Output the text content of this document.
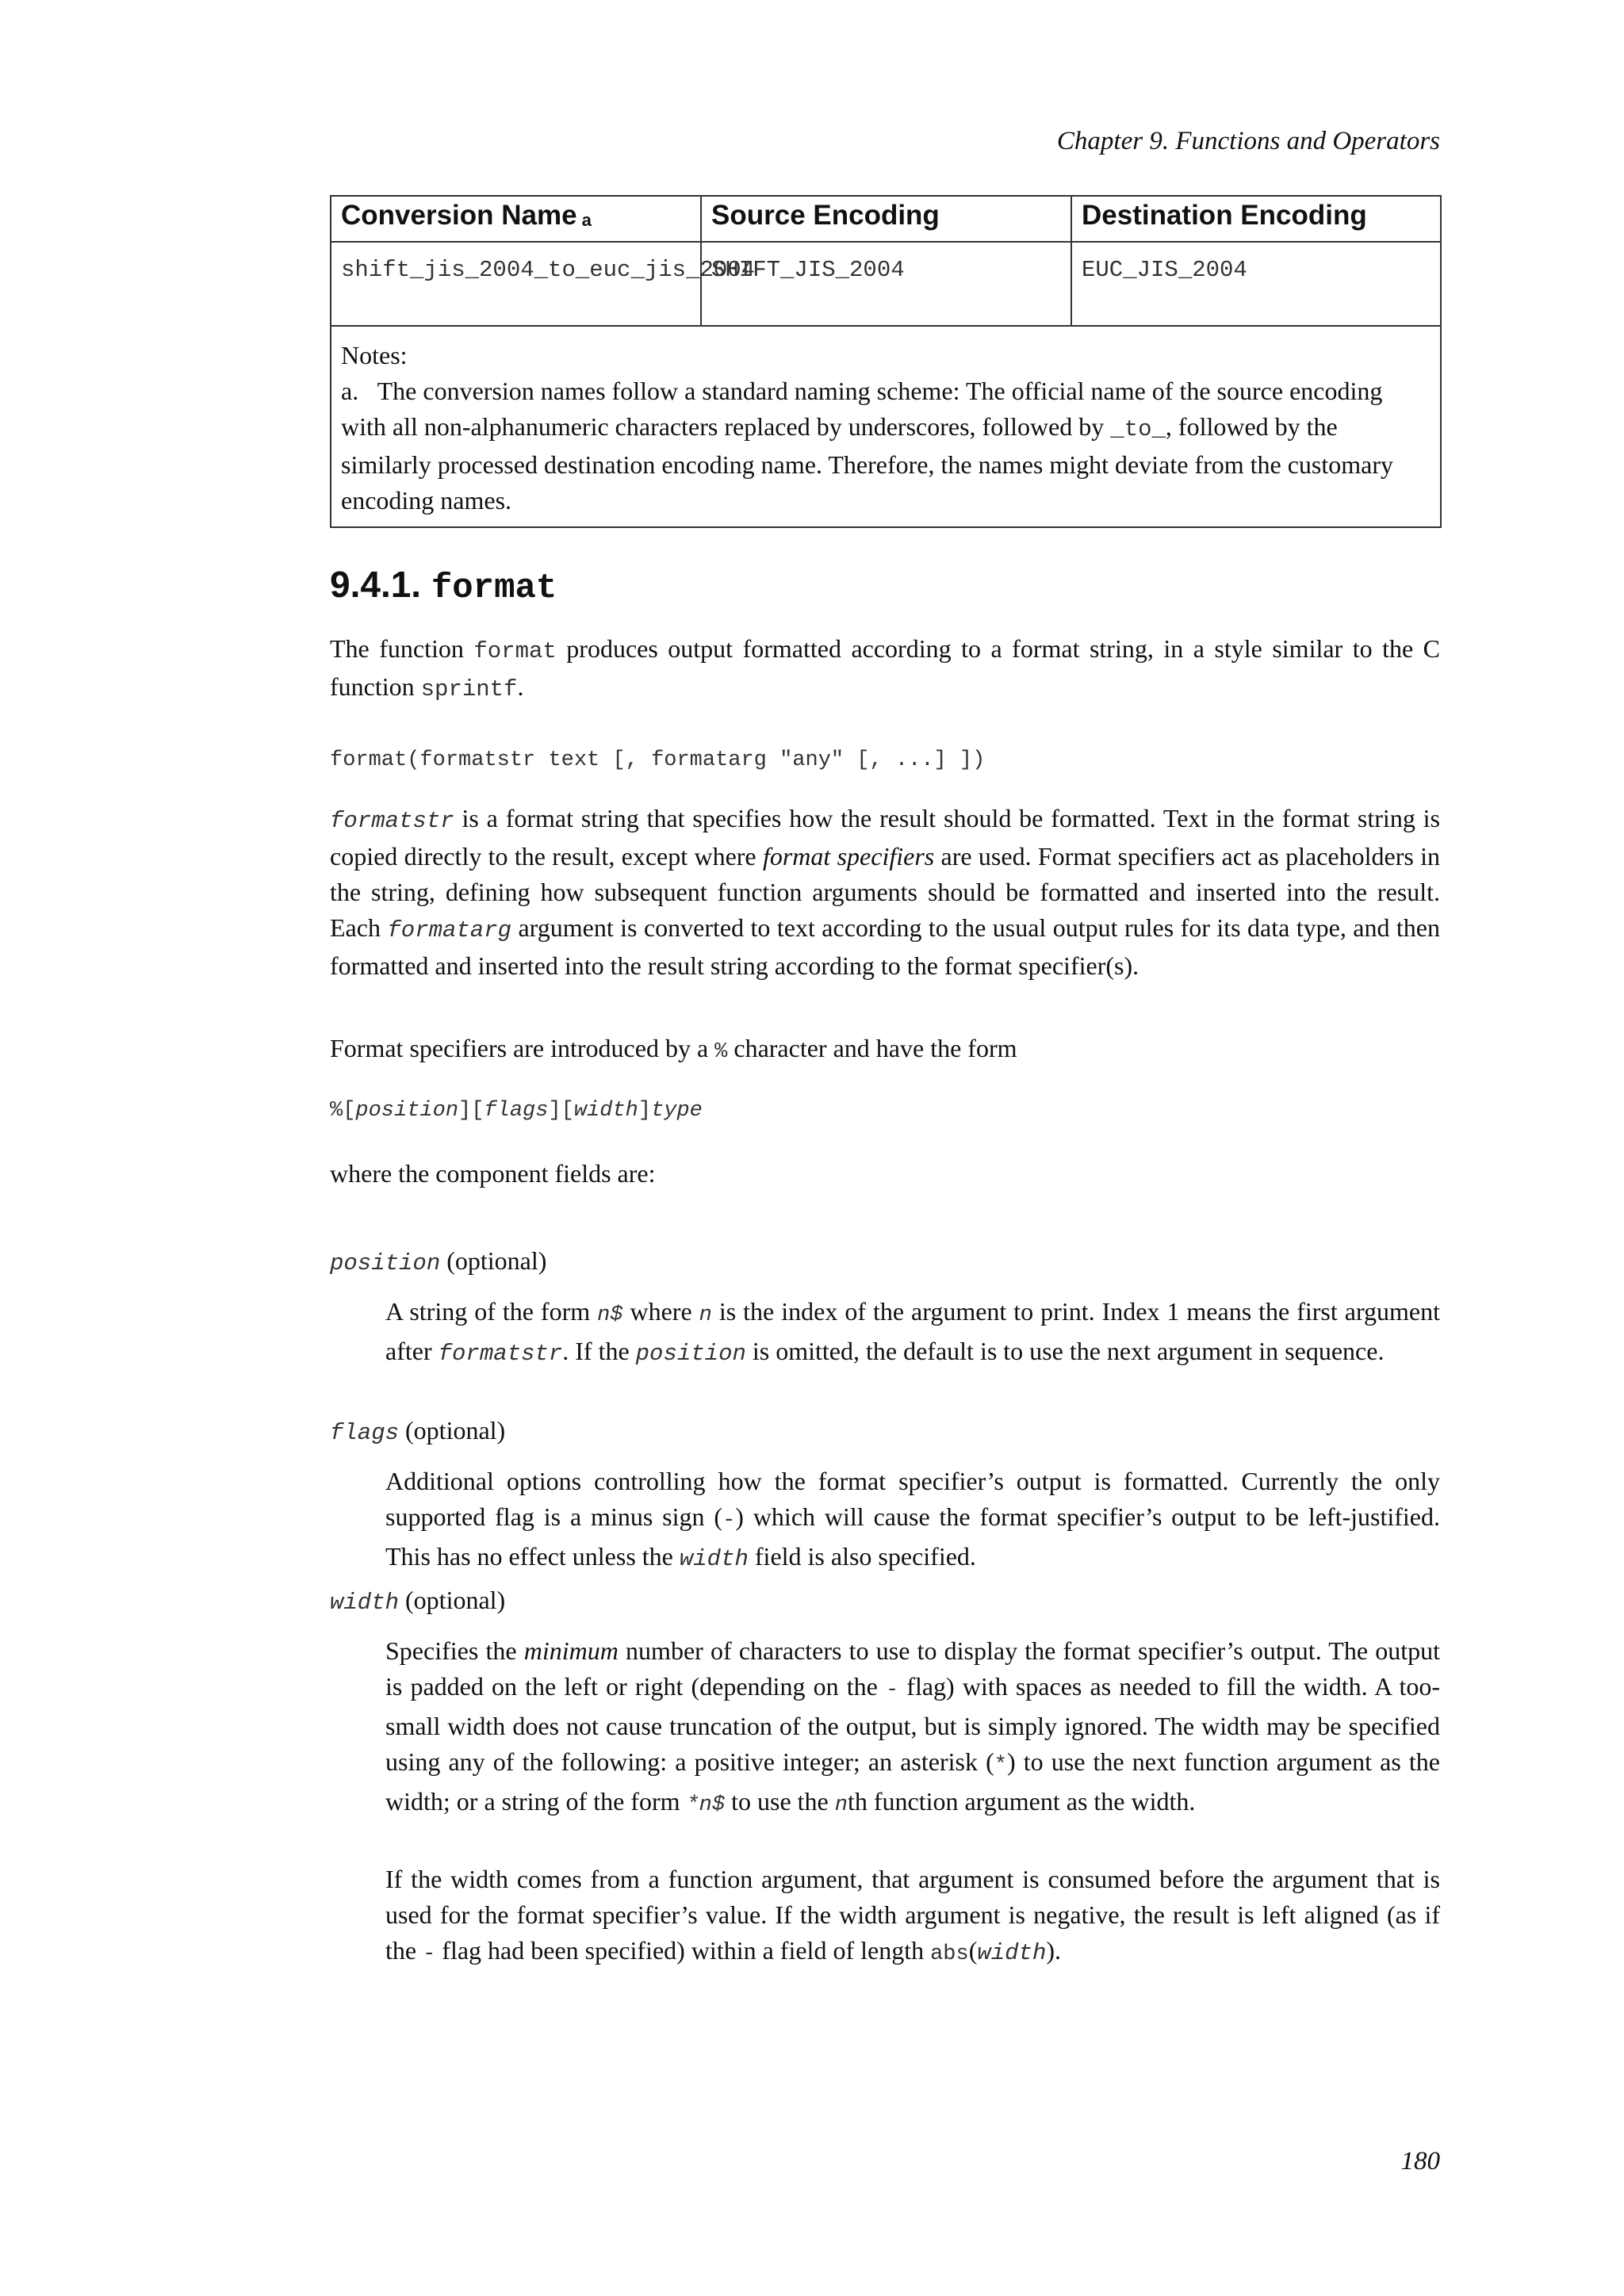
Chapter 9. Functions and Operators
Conversion Name $^a$	Source Encoding	Destination Encoding
shift_jis_2004_to_euc_jis_2004	SHIFT_JIS_2004	EUC_JIS_2004

Notes:
a. The conversion names follow a standard naming scheme: The official name of the source encoding with all non-alphanumeric characters replaced by underscores, followed by _to_, followed by the similarly processed destination encoding name. Therefore, the names might deviate from the customary encoding names.		
9.4.1. format

The function format produces output formatted according to a format string, in a style similar to the C function sprintf.

format(formatstr text [, formatarg "any" [, ...] ])

formatstr is a format string that specifies how the result should be formatted. Text in the format string is copied directly to the result, except where format specifiers are used. Format specifiers act as placeholders in the string, defining how subsequent function arguments should be formatted and inserted into the result. Each formatarg argument is converted to text according to the usual output rules for its data type, and then formatted and inserted into the result string according to the format specifier(s).

Format specifiers are introduced by a % character and have the form

%[position][flags][width]type

where the component fields are:

position (optional)

A string of the form n$ where n is the index of the argument to print. Index 1 means the first argument after formatstr. If the position is omitted, the default is to use the next argument in sequence.

flags (optional)

Additional options controlling how the format specifier’s output is formatted. Currently the only supported flag is a minus sign (-) which will cause the format specifier’s output to be left-justified. This has no effect unless the width field is also specified.

width (optional)

Specifies the minimum number of characters to use to display the format specifier’s output. The output is padded on the left or right (depending on the - flag) with spaces as needed to fill the width. A too-small width does not cause truncation of the output, but is simply ignored. The width may be specified using any of the following: a positive integer; an asterisk (*) to use the next function argument as the width; or a string of the form *n$ to use the nth function argument as the width.

If the width comes from a function argument, that argument is consumed before the argument that is used for the format specifier’s value. If the width argument is negative, the result is left aligned (as if the - flag had been specified) within a field of length abs(width).

180
